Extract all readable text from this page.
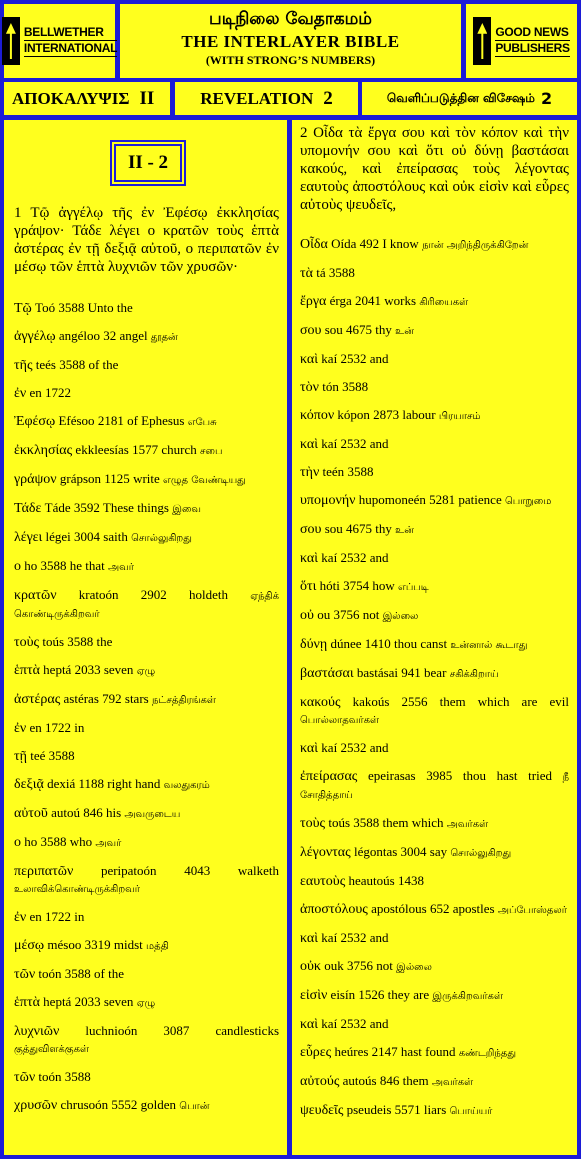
BELLWETHER
INTERNATIONAL
படிநிலை வேதாகமம்
THE INTERLAYER BIBLE
(WITH STRONG’S NUMBERS)
GOOD NEWS
PUBLISHERS
ΑΠΟΚΑΛΥΨΙΣ II	REVELATION 2	வெளிப்படுத்தின விசேஷம் 2
II - 2
1 Τῷ ἀγγέλῳ τῆς ἐν Ἐφέσῳ ἐκκλησίας γράψον· Τάδε λέγει ο κρατῶν τοὺς ἑπτὰ ἀστέρας ἐν τῇ δεξιᾷ αὐτοῦ, ο περιπατῶν ἐν μέσῳ τῶν ἑπτὰ λυχνιῶν τῶν χρυσῶν·
Τῷ Toó 3588 Unto the
ἀγγέλῳ angéloo 32 angel தூதன்
τῆς teés 3588 of the
ἐν en 1722
Ἐφέσῳ Efésoo 2181 of Ephesus எபேசு
ἐκκλησίας ekkleesías 1577 church சபை
γράψον grápson 1125 write எழுத வேண்டியது
Τάδε Táde 3592 These things இவை
λέγει légei 3004 saith சொல்லுகிறது
ο ho 3588 he that அவர்
κρατῶν kratoón 2902 holdeth ஏந்திக் கொண்டிருக்கிறவர்
τοὺς toús 3588 the
ἑπτὰ heptá 2033 seven ஏழு
ἀστέρας astéras 792 stars நட்சத்திரங்கள்
ἐν en 1722 in
τῇ teé 3588
δεξιᾷ dexiá 1188 right hand வலதுகரம்
αὐτοῦ autoú 846 his அவருடைய
ο ho 3588 who அவர்
περιπατῶν peripatoón 4043 walketh உலாவிக்கொண்டிருக்கிறவர்
ἐν en 1722 in
μέσῳ mésoo 3319 midst மத்தி
τῶν toón 3588 of the
ἑπτὰ heptá 2033 seven ஏழு
λυχνιῶν luchnioón 3087 candlesticks குத்துவிளக்குகள்
τῶν toón 3588
χρυσῶν chrusoón 5552 golden பொன்
2 Οἶδα τὰ ἔργα σου καὶ τὸν κόπον καὶ τὴν υπομονήν σου καὶ ὅτι οὐ δύνῃ βαστάσαι κακούς, καὶ ἐπείρασας τοὺς λέγοντας εαυτοὺς ἀποστόλους καὶ οὐκ εἰσὶν καὶ εὗρες αὐτοὺς ψευδεῖς,
Οἶδα Oída 492 I know நான் அறிந்திருக்கிறேன்
τὰ tá 3588
ἔργα érga 2041 works கிரியைகள்
σου sou 4675 thy உன்
καὶ kaí 2532 and
τὸν tón 3588
κόπον kópon 2873 labour பிரயாசம்
καὶ kaí 2532 and
τὴν teén 3588
υπομονήν hupomoneén 5281 patience பொறுமை
σου sou 4675 thy உன்
καὶ kaí 2532 and
ὅτι hóti 3754 how எப்படி
οὐ ou 3756 not இல்லை
δύνῃ dúnee 1410 thou canst உன்னால் கூடாது
βαστάσαι bastásai 941 bear சகிக்கிறாய்
κακούς kakoús 2556 them which are evil பொல்லாதவர்கள்
καὶ kaí 2532 and
ἐπείρασας epeirasas 3985 thou hast tried நீ சோதித்தாய்
τοὺς toús 3588 them which அவர்கள்
λέγοντας légontas 3004 say சொல்லுகிறது
εαυτοὺς heautoús 1438
ἀποστόλους apostólous 652 apostles அப்போஸ்தலர்
καὶ kaí 2532 and
οὐκ ouk 3756 not இல்லை
εἰσὶν eisín 1526 they are இருக்கிறவர்கள்
καὶ kaí 2532 and
εὗρες heúres 2147 hast found கண்டறிந்தது
αὐτούς autoús 846 them அவர்கள்
ψευδεῖς pseudeis 5571 liars பொய்யர்
